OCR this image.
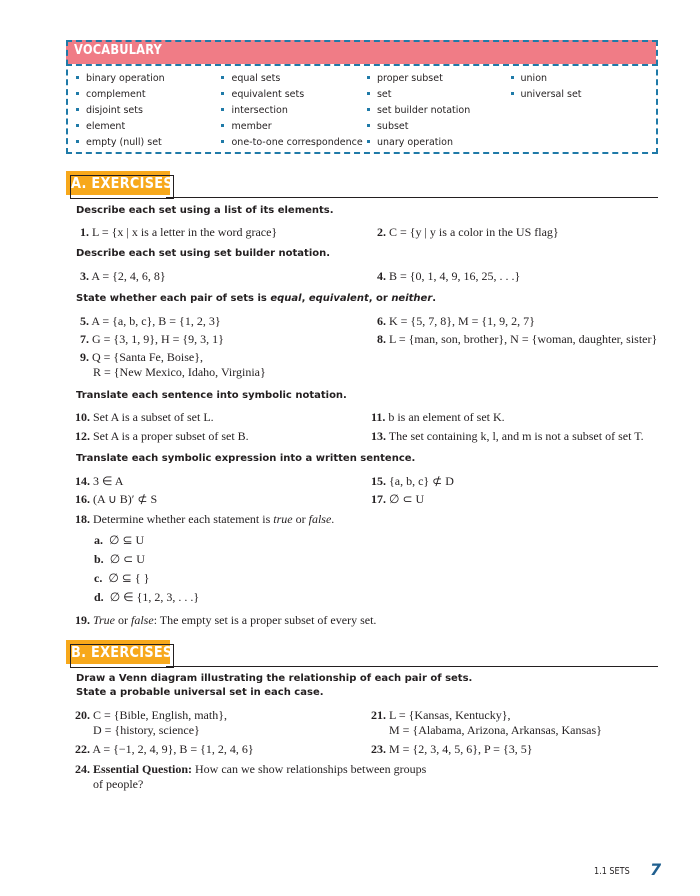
VOCABULARY
binary operation
complement
disjoint sets
element
empty (null) set
equal sets
equivalent sets
intersection
member
one-to-one correspondence
proper subset
set
set builder notation
subset
unary operation
union
universal set
A. EXERCISES
Describe each set using a list of its elements.
1. L = {x | x is a letter in the word grace}	2. C = {y | y is a color in the US flag}
Describe each set using set builder notation.
3. A = {2, 4, 6, 8}	4. B = {0, 1, 4, 9, 16, 25, . . .}
State whether each pair of sets is equal, equivalent, or neither.
5. A = {a, b, c}, B = {1, 2, 3}	6. K = {5, 7, 8}, M = {1, 9, 2, 7}
7. G = {3, 1, 9}, H = {9, 3, 1}	8. L = {man, son, brother}, N = {woman, daughter, sister}
9. Q = {Santa Fe, Boise},
R = {New Mexico, Idaho, Virginia}
Translate each sentence into symbolic notation.
10. Set A is a subset of set L.	11. b is an element of set K.
12. Set A is a proper subset of set B.	13. The set containing k, l, and m is not a subset of set T.
Translate each symbolic expression into a written sentence.
14. 3 ∈ A	15. {a, b, c} ⊄ D
16. (A ∪ B)′ ⊄ S	17. ∅ ⊂ U
18. Determine whether each statement is true or false.
a. ∅ ⊆ U
b. ∅ ⊂ U
c. ∅ ⊆ { }
d. ∅ ∈ {1, 2, 3, . . .}
19. True or false: The empty set is a proper subset of every set.
B. EXERCISES
Draw a Venn diagram illustrating the relationship of each pair of sets.
State a probable universal set in each case.
20. C = {Bible, English, math},
D = {history, science}
21. L = {Kansas, Kentucky},
M = {Alabama, Arizona, Arkansas, Kansas}
22. A = {−1, 2, 4, 9}, B = {1, 2, 4, 6}	23. M = {2, 3, 4, 5, 6}, P = {3, 5}
24. Essential Question: How can we show relationships between groups
of people?
1.1 SETS 7
